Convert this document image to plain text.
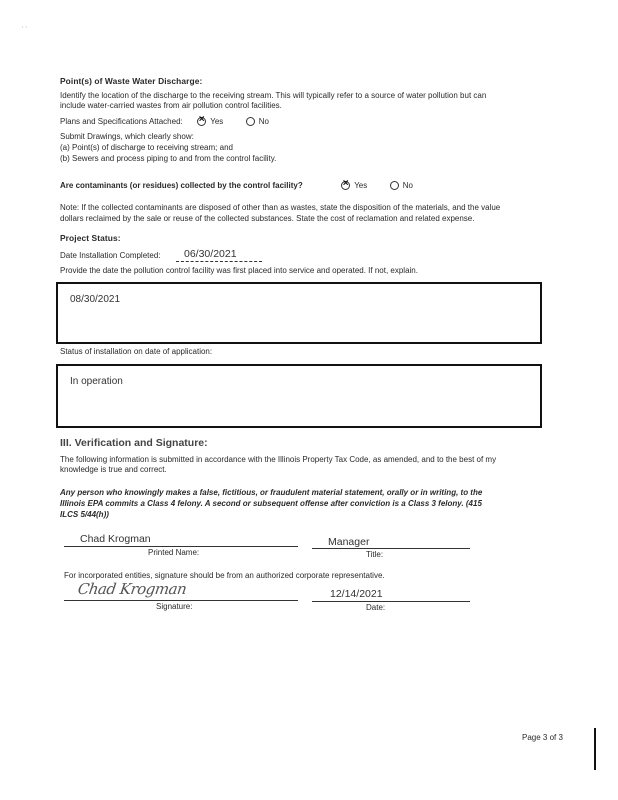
' '
Point(s) of Waste Water Discharge:
Identify the location of the discharge to the receiving stream. This will typically refer to a source of water pollution but can
include water-carried wastes from air pollution control facilities.
Plans and Specifications Attached: ×	Yes	No
Submit Drawings, which clearly show:
(a) Point(s) of discharge to receiving stream; and
(b) Sewers and process piping to and from the control facility.
Are contaminants (or residues) collected by the control facility? ×	Yes	No
Note: If the collected contaminants are disposed of other than as wastes, state the disposition of the materials, and the value
dollars reclaimed by the sale or reuse of the collected substances. State the cost of reclamation and related expense.
Project Status:
Date Installation Completed: 06/30/2021
Provide the date the pollution control facility was first placed into service and operated. If not, explain.
08/30/2021
Status of installation on date of application:
In operation
III. Verification and Signature:
The following information is submitted in accordance with the Illinois Property Tax Code, as amended, and to the best of my
knowledge is true and correct.
Any person who knowingly makes a false, fictitious, or fraudulent material statement, orally or in writing, to the
Illinois EPA commits a Class 4 felony. A second or subsequent offense after conviction is a Class 3 felony. (415
ILCS 5/44(h))
Chad Krogman
Printed Name:
Manager
Title:
For incorporated entities, signature should be from an authorized corporate representative.
Chad Krogman
Signature:
12/14/2021
Date:
Page 3 of 3
